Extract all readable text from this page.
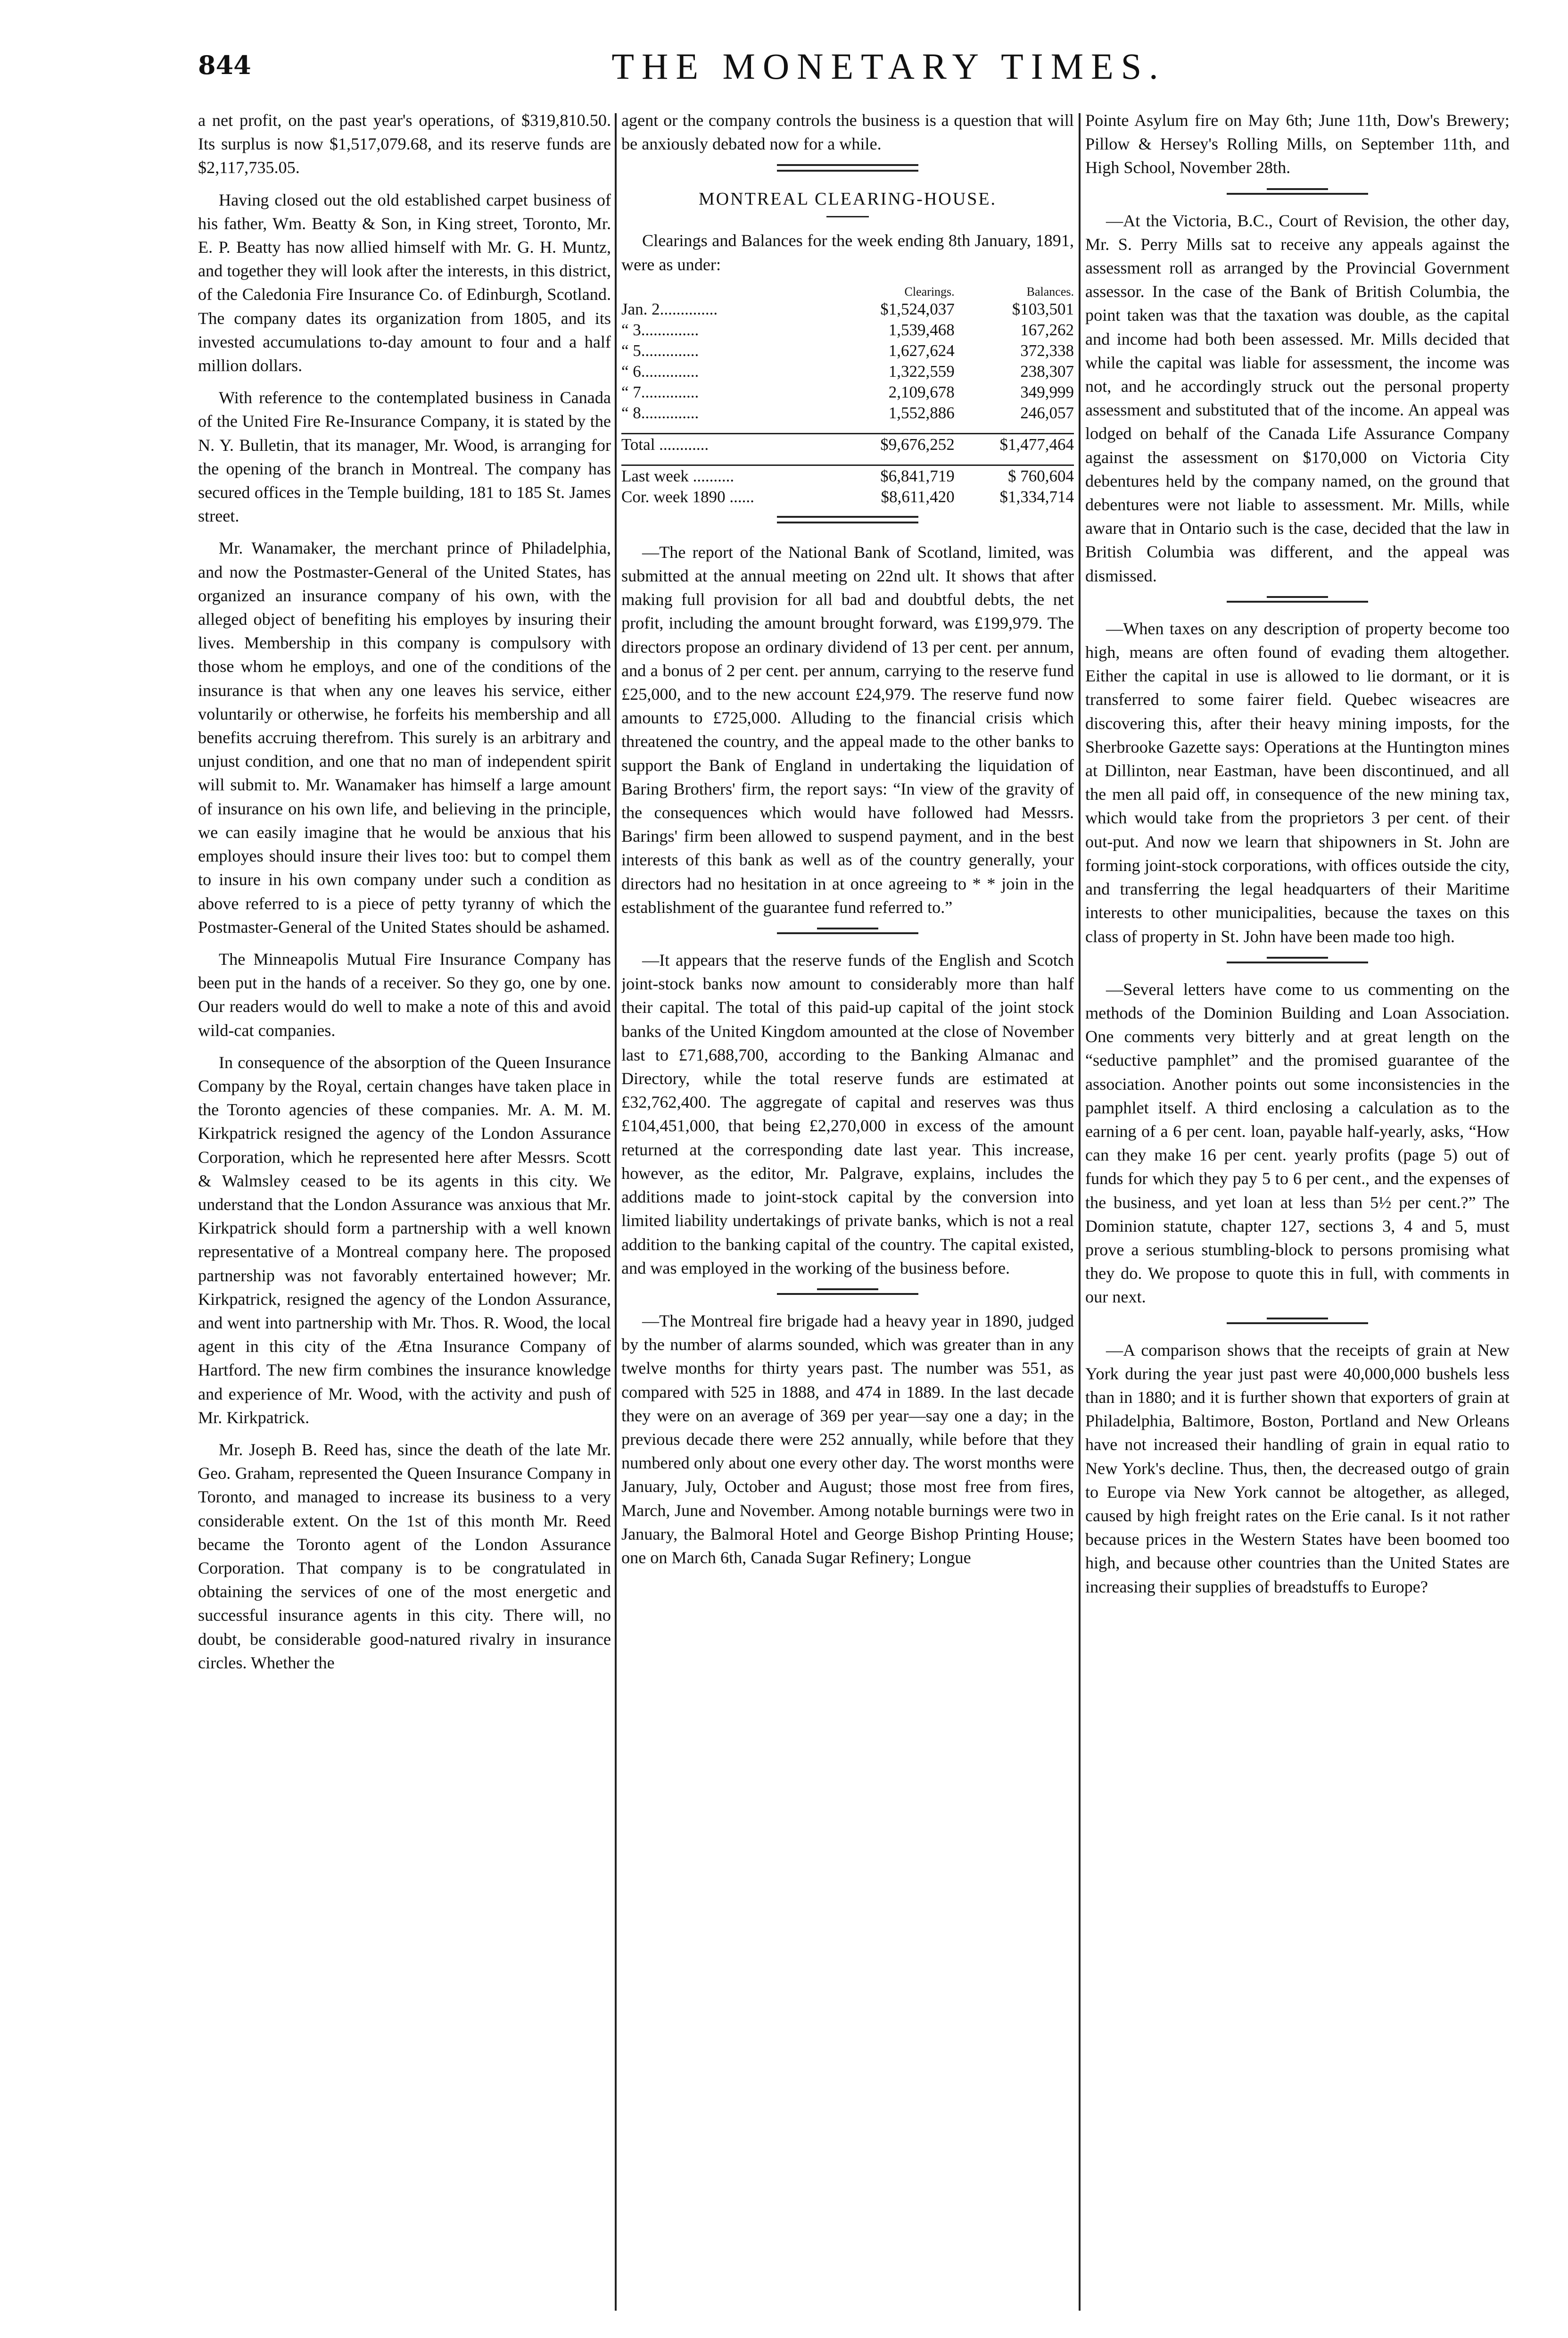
844	THE MONETARY TIMES.

a net profit, on the past year's operations, of $319,810.50. Its surplus is now $1,517,079.68, and its reserve funds are $2,117,735.05.

Having closed out the old established carpet business of his father, Wm. Beatty & Son, in King street, Toronto, Mr. E. P. Beatty has now allied himself with Mr. G. H. Muntz, and together they will look after the interests, in this district, of the Caledonia Fire Insurance Co. of Edinburgh, Scotland. The company dates its organization from 1805, and its invested accumulations to-day amount to four and a half million dollars.

With reference to the contemplated business in Canada of the United Fire Re-Insurance Company, it is stated by the N. Y. Bulletin, that its manager, Mr. Wood, is arranging for the opening of the branch in Montreal. The company has secured offices in the Temple building, 181 to 185 St. James street.

Mr. Wanamaker, the merchant prince of Philadelphia, and now the Postmaster-General of the United States, has organized an insurance company of his own, with the alleged object of benefiting his employes by insuring their lives. Membership in this company is compulsory with those whom he employs, and one of the conditions of the insurance is that when any one leaves his service, either voluntarily or otherwise, he forfeits his membership and all benefits accruing therefrom. This surely is an arbitrary and unjust condition, and one that no man of independent spirit will submit to. Mr. Wanamaker has himself a large amount of insurance on his own life, and believing in the principle, we can easily imagine that he would be anxious that his employes should insure their lives too: but to compel them to insure in his own company under such a condition as above referred to is a piece of petty tyranny of which the Postmaster-General of the United States should be ashamed.

The Minneapolis Mutual Fire Insurance Company has been put in the hands of a receiver. So they go, one by one. Our readers would do well to make a note of this and avoid wild-cat companies.

In consequence of the absorption of the Queen Insurance Company by the Royal, certain changes have taken place in the Toronto agencies of these companies. Mr. A. M. M. Kirkpatrick resigned the agency of the London Assurance Corporation, which he represented here after Messrs. Scott & Walmsley ceased to be its agents in this city. We understand that the London Assurance was anxious that Mr. Kirkpatrick should form a partnership with a well known representative of a Montreal company here. The proposed partnership was not favorably entertained however; Mr. Kirkpatrick, resigned the agency of the London Assurance, and went into partnership with Mr. Thos. R. Wood, the local agent in this city of the Ætna Insurance Company of Hartford. The new firm combines the insurance knowledge and experience of Mr. Wood, with the activity and push of Mr. Kirkpatrick.

Mr. Joseph B. Reed has, since the death of the late Mr. Geo. Graham, represented the Queen Insurance Company in Toronto, and managed to increase its business to a very considerable extent. On the 1st of this month Mr. Reed became the Toronto agent of the London Assurance Corporation. That company is to be congratulated in obtaining the services of one of the most energetic and successful insurance agents in this city. There will, no doubt, be considerable good-natured rivalry in insurance circles. Whether the

agent or the company controls the business is a question that will be anxiously debated now for a while.

MONTREAL CLEARING-HOUSE.

Clearings and Balances for the week ending 8th January, 1891, were as under:

	Clearings.	Balances.
Jan. 2..............	$1,524,037	$103,501
“ 3..............	1,539,468	167,262
“ 5..............	1,627,624	372,338
“ 6..............	1,322,559	238,307
“ 7..............	2,109,678	349,999
“ 8..............	1,552,886	246,057

Total ............	$9,676,252	$1,477,464

Last week ..........	$6,841,719	$ 760,604
Cor. week 1890 ......	$8,611,420	$1,334,714

—The report of the National Bank of Scotland, limited, was submitted at the annual meeting on 22nd ult. It shows that after making full provision for all bad and doubtful debts, the net profit, including the amount brought forward, was £199,979. The directors propose an ordinary dividend of 13 per cent. per annum, and a bonus of 2 per cent. per annum, carrying to the reserve fund £25,000, and to the new account £24,979. The reserve fund now amounts to £725,000. Alluding to the financial crisis which threatened the country, and the appeal made to the other banks to support the Bank of England in undertaking the liquidation of Baring Brothers' firm, the report says: “In view of the gravity of the consequences which would have followed had Messrs. Barings' firm been allowed to suspend payment, and in the best interests of this bank as well as of the country generally, your directors had no hesitation in at once agreeing to * * join in the establishment of the guarantee fund referred to.”

—It appears that the reserve funds of the English and Scotch joint-stock banks now amount to considerably more than half their capital. The total of this paid-up capital of the joint stock banks of the United Kingdom amounted at the close of November last to £71,688,700, according to the Banking Almanac and Directory, while the total reserve funds are estimated at £32,762,400. The aggregate of capital and reserves was thus £104,451,000, that being £2,270,000 in excess of the amount returned at the corresponding date last year. This increase, however, as the editor, Mr. Palgrave, explains, includes the additions made to joint-stock capital by the conversion into limited liability undertakings of private banks, which is not a real addition to the banking capital of the country. The capital existed, and was employed in the working of the business before.

—The Montreal fire brigade had a heavy year in 1890, judged by the number of alarms sounded, which was greater than in any twelve months for thirty years past. The number was 551, as compared with 525 in 1888, and 474 in 1889. In the last decade they were on an average of 369 per year—say one a day; in the previous decade there were 252 annually, while before that they numbered only about one every other day. The worst months were January, July, October and August; those most free from fires, March, June and November. Among notable burnings were two in January, the Balmoral Hotel and George Bishop Printing House; one on March 6th, Canada Sugar Refinery; Longue

Pointe Asylum fire on May 6th; June 11th, Dow's Brewery; Pillow & Hersey's Rolling Mills, on September 11th, and High School, November 28th.

—At the Victoria, B.C., Court of Revision, the other day, Mr. S. Perry Mills sat to receive any appeals against the assessment roll as arranged by the Provincial Government assessor. In the case of the Bank of British Columbia, the point taken was that the taxation was double, as the capital and income had both been assessed. Mr. Mills decided that while the capital was liable for assessment, the income was not, and he accordingly struck out the personal property assessment and substituted that of the income. An appeal was lodged on behalf of the Canada Life Assurance Company against the assessment on $170,000 on Victoria City debentures held by the company named, on the ground that debentures were not liable to assessment. Mr. Mills, while aware that in Ontario such is the case, decided that the law in British Columbia was different, and the appeal was dismissed.

—When taxes on any description of property become too high, means are often found of evading them altogether. Either the capital in use is allowed to lie dormant, or it is transferred to some fairer field. Quebec wiseacres are discovering this, after their heavy mining imposts, for the Sherbrooke Gazette says: Operations at the Huntington mines at Dillinton, near Eastman, have been discontinued, and all the men all paid off, in consequence of the new mining tax, which would take from the proprietors 3 per cent. of their out-put. And now we learn that shipowners in St. John are forming joint-stock corporations, with offices outside the city, and transferring the legal headquarters of their Maritime interests to other municipalities, because the taxes on this class of property in St. John have been made too high.

—Several letters have come to us commenting on the methods of the Dominion Building and Loan Association. One comments very bitterly and at great length on the “seductive pamphlet” and the promised guarantee of the association. Another points out some inconsistencies in the pamphlet itself. A third enclosing a calculation as to the earning of a 6 per cent. loan, payable half-yearly, asks, “How can they make 16 per cent. yearly profits (page 5) out of funds for which they pay 5 to 6 per cent., and the expenses of the business, and yet loan at less than 5½ per cent.?” The Dominion statute, chapter 127, sections 3, 4 and 5, must prove a serious stumbling-block to persons promising what they do. We propose to quote this in full, with comments in our next.

—A comparison shows that the receipts of grain at New York during the year just past were 40,000,000 bushels less than in 1880; and it is further shown that exporters of grain at Philadelphia, Baltimore, Boston, Portland and New Orleans have not increased their handling of grain in equal ratio to New York's decline. Thus, then, the decreased outgo of grain to Europe via New York cannot be altogether, as alleged, caused by high freight rates on the Erie canal. Is it not rather because prices in the Western States have been boomed too high, and because other countries than the United States are increasing their supplies of breadstuffs to Europe?
